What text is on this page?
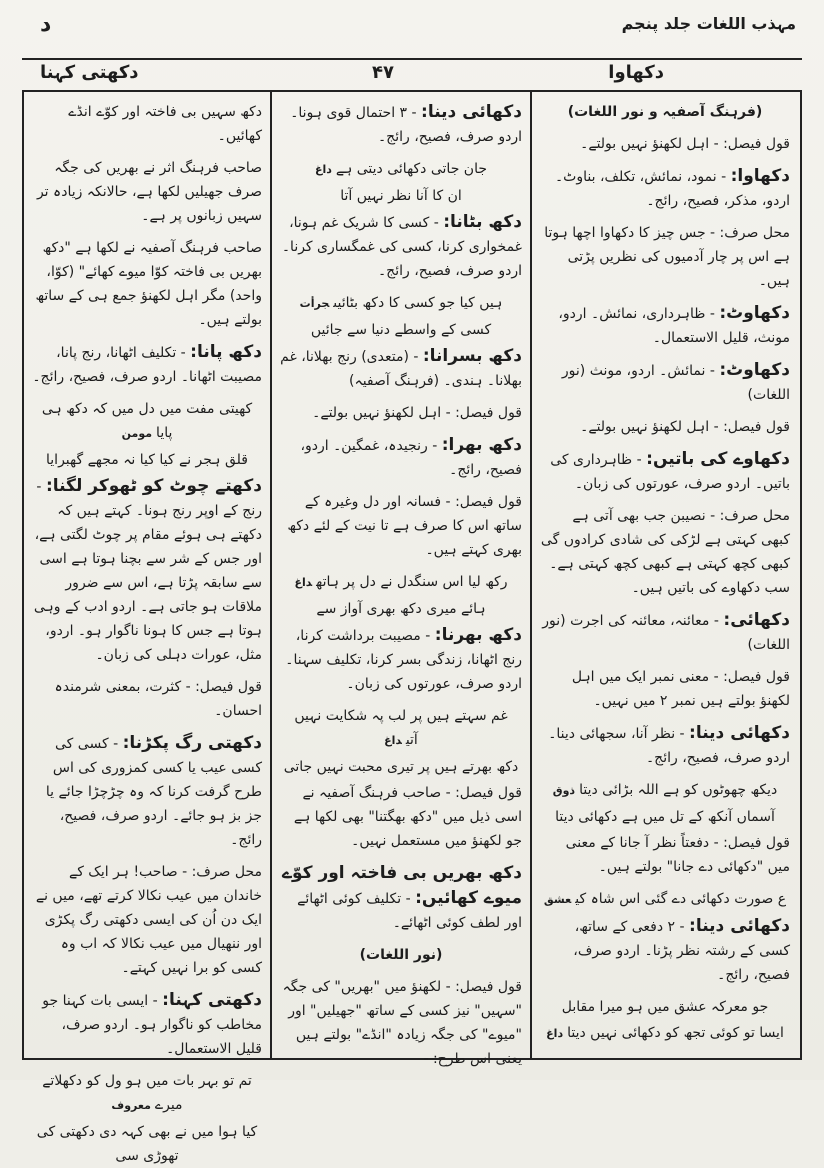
مہذب اللغات جلد پنجم
د
دکھاوا
۴۷
دکھتی کہنا
(فرہنگ آصفیہ و نور اللغات)
قول فیصل: - اہل لکھنؤ نہیں بولتے۔
دکھاوا: - نمود، نمائش، تکلف، بناوٹ۔ اردو، مذکر، فصیح، رائج۔
محل صرف: - جس چیز کا دکھاوا اچھا ہوتا ہے اس پر چار آدمیوں کی نظریں پڑتی ہیں۔
دکھاوٹ: - ظاہرداری، نمائش۔ اردو، مونث، قلیل الاستعمال۔
دکھاوٹ: - نمائش۔ اردو، مونث (نور اللغات)
قول فیصل: - اہل لکھنؤ نہیں بولتے۔
دکھاوے کی باتیں: - ظاہرداری کی باتیں۔ اردو صرف، عورتوں کی زبان۔
محل صرف: - نصیبن جب بھی آتی ہے کبھی کہتی ہے لڑکی کی شادی کرادوں گی کبھی کچھ کہتی ہے کبھی کچھ کہتی ہے۔ سب دکھاوے کی باتیں ہیں۔
دکھائی: - معائنہ، معائنہ کی اجرت (نور اللغات)
قول فیصل: - معنی نمبر ایک میں اہل لکھنؤ بولتے ہیں نمبر ۲ میں نہیں۔
دکھائی دینا: - نظر آنا، سجھائی دینا۔ اردو صرف، فصیح، رائج۔
دیکھ چھوٹوں کو ہے اللہ بڑائی دیتاذوق
آسماں آنکھ کے تل میں ہے دکھائی دیتا
قول فیصل: - دفعتاً نظر آ جانا کے معنی میں "دکھائی دے جانا" بولتے ہیں۔
ع صورت دکھائی دے گئی اس شاہ کیعشق
دکھائی دینا: - ۲ دفعی کے ساتھ، کسی کے رشتہ نظر پڑنا۔ اردو صرف، فصیح، رائج۔
جو معرکہ عشق میں ہو میرا مقابل
ایسا تو کوئی تجھ کو دکھائی نہیں دیتاداغ
دکھائی دینا: - ۳ احتمال قوی ہونا۔ اردو صرف، فصیح، رائج۔
جان جاتی دکھائی دیتی ہےداغ
ان کا آنا نظر نہیں آتا
دکھ بٹانا: - کسی کا شریک غم ہونا، غمخواری کرنا، کسی کی غمگساری کرنا۔ اردو صرف، فصیح، رائج۔
ہیں کیا جو کسی کا دکھ بٹائیںجرأت
کسی کے واسطے دنیا سے جائیں
دکھ بسرانا: - (متعدی) رنج بھلانا، غم بھلانا۔ ہندی۔ (فرہنگ آصفیہ)
قول فیصل: - اہل لکھنؤ نہیں بولتے۔
دکھ بھرا: - رنجیدہ، غمگین۔ اردو، فصیح، رائج۔
قول فیصل: - فسانہ اور دل وغیرہ کے ساتھ اس کا صرف ہے تا نیت کے لئے دکھ بھری کہتے ہیں۔
رکھ لیا اس سنگدل نے دل پر ہاتھداغ
ہائے میری دکھ بھری آواز سے
دکھ بھرنا: - مصیبت برداشت کرنا، رنج اٹھانا، زندگی بسر کرنا، تکلیف سہنا۔ اردو صرف، عورتوں کی زبان۔
غم سہتے ہیں پر لب پہ شکایت نہیں آتیداغ
دکھ بھرتے ہیں پر تیری محبت نہیں جاتی
قول فیصل: - صاحب فرہنگ آصفیہ نے اسی ذیل میں "دکھ بھگتنا" بھی لکھا ہے جو لکھنؤ میں مستعمل نہیں۔
دکھ بھریں بی فاختہ اور کوّے میوے کھائیں: - تکلیف کوئی اٹھائے اور لطف کوئی اٹھائے۔
(نور اللغات)
قول فیصل: - لکھنؤ میں "بھریں" کی جگہ "سہیں" نیز کسی کے ساتھ "جھیلیں" اور "میوے" کی جگہ زیادہ "انڈے" بولتے ہیں یعنی اس طرح: -
دکھ سہیں بی فاختہ اور کوّے انڈے کھائیں۔
صاحب فرہنگ اثر نے بھریں کی جگہ صرف جھیلیں لکھا ہے، حالانکہ زیادہ تر سہیں زبانوں پر ہے۔
صاحب فرہنگ آصفیہ نے لکھا ہے "دکھ بھریں بی فاختہ کوّا میوے کھائے" (کوّا، واحد) مگر اہل لکھنؤ جمع ہی کے ساتھ بولتے ہیں۔
دکھ پانا: - تکلیف اٹھانا، رنج پانا، مصیبت اٹھانا۔ اردو صرف، فصیح، رائج۔
کھیتی مفت میں دل میں کہ دکھ ہی پایامومن
قلق ہجر نے کیا کیا نہ مجھے گھبرایا
دکھتے چوٹ کو ٹھوکر لگنا: - رنج کے اوپر رنج ہونا۔ کہتے ہیں کہ دکھتے ہی ہوئے مقام پر چوٹ لگتی ہے، اور جس کے شر سے بچنا ہوتا ہے اسی سے سابقہ پڑتا ہے، اس سے ضرور ملاقات ہو جاتی ہے۔ اردو ادب کے وہی ہوتا ہے جس کا ہونا ناگوار ہو۔ اردو، مثل، عورات دہلی کی زبان۔
قول فیصل: - کثرت، بمعنی شرمندہ احسان۔
دکھتی رگ پکڑنا: - کسی کی کسی عیب یا کسی کمزوری کی اس طرح گرفت کرنا کہ وہ چڑچڑا جائے یا جز بز ہو جائے۔ اردو صرف، فصیح، رائج۔
محل صرف: - صاحب! ہر ایک کے خاندان میں عیب نکالا کرتے تھے، میں نے ایک دن اُن کی ایسی دکھتی رگ پکڑی اور ننھیال میں عیب نکالا کہ اب وہ کسی کو برا نہیں کہتے۔
دکھتی کہنا: - ایسی بات کہنا جو مخاطب کو ناگوار ہو۔ اردو صرف، قلیل الاستعمال۔
تم تو بہر بات میں ہو ول کو دکھلاتے میرےمعروف
کیا ہوا میں نے بھی کہہ دی دکھتی کی تھوڑی سی
